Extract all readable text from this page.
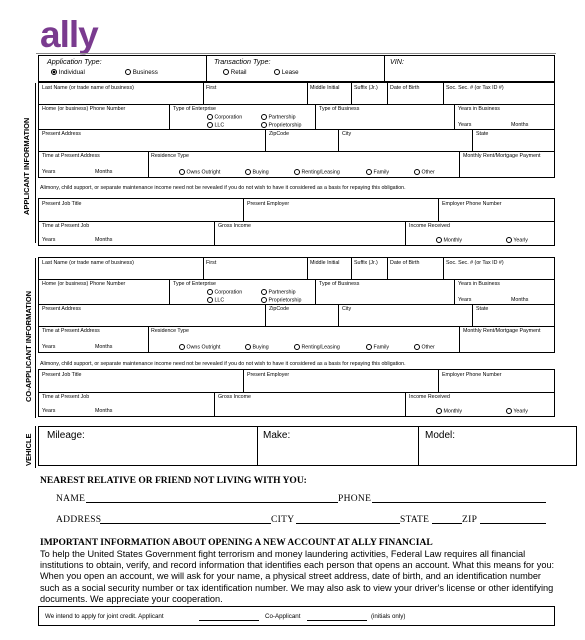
ally
Application Type:
Individual	Business
Transaction Type:
Retail	Lease
VIN:
APPLICANT INFORMATION
Last Name (or trade name of business)	First	Middle Initial	Suffix (Jr.) Date of Birth	Soc. Sec. # (or Tax ID #)
Home (or business) Phone Number	Type of Enterprise
Corporation	Partnership
LLC	Proprietorship
Type of Business	Years in Business
Years	Months
Present Address	ZipCode	City	State
Time at Present Address
Years	Months
Residence Type
Owns Outright	Buying	Renting/Leasing	Family	Other
Monthly Rent/Mortgage Payment
Alimony, child support, or separate maintenance income need not be revealed if you do not wish to have it considered as a basis for repaying this obligation.
Present Job Title	Present Employer	Employer Phone Number
Time at Present Job
Years	Months
Gross Income	Income Received
Monthly	Yearly
CO-APPLICANT INFORMATION
Last Name (or trade name of business)	First	Middle Initial	Suffix (Jr.) Date of Birth	Soc. Sec. # (or Tax ID #)
Home (or business) Phone Number	Type of Enterprise
Corporation	Partnership
LLC	Proprietorship
Type of Business	Years in Business
Years	Months
Present Address	ZipCode	City	State
Time at Present Address
Years	Months
Residence Type
Owns Outright	Buying	Renting/Leasing	Family	Other
Monthly Rent/Mortgage Payment
Alimony, child support, or separate maintenance income need not be revealed if you do not wish to have it considered as a basis for repaying this obligation.
Present Job Title	Present Employer	Employer Phone Number
Time at Present Job
Years	Months
Gross Income	Income Received
Monthly	Yearly
VEHICLE Mileage:	Make:	Model:
NEAREST RELATIVE OR FRIEND NOT LIVING WITH YOU:
NAME	PHONE
ADDRESS	CITY	STATE	ZIP
IMPORTANT INFORMATION ABOUT OPENING A NEW ACCOUNT AT ALLY FINANCIAL
To help the United States Government fight terrorism and money laundering activities, Federal Law requires all financial institutions to obtain, verify, and record information that identifies each person that opens an account. What this means for you: When you open an account, we will ask for your name, a physical street address, date of birth, and an identification number such as a social security number or tax identification number. We may also ask to view your driver's license or other identifying documents. We appreciate your cooperation.
We intend to apply for joint credit. Applicant	Co-Applicant	(initials only)
